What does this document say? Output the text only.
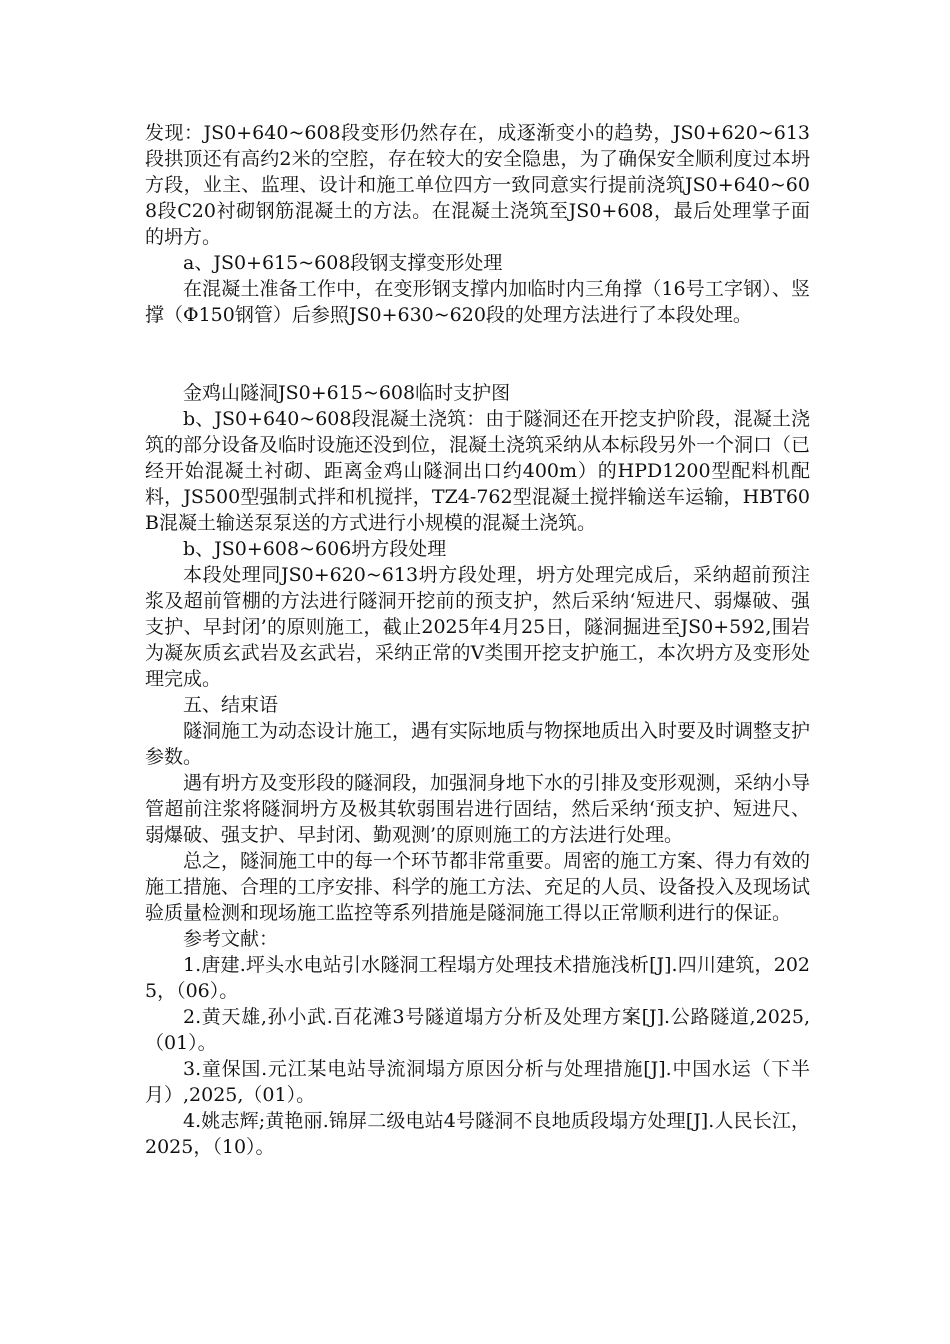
发现：JS0+640~608段变形仍然存在，成逐渐变小的趋势，JS0+620~613段拱顶还有高约2米的空腔，存在较大的安全隐患，为了确保安全顺利度过本坍方段，业主、监理、设计和施工单位四方一致同意实行提前浇筑JS0+640~608段C20衬砌钢筋混凝土的方法。在混凝土浇筑至JS0+608，最后处理掌子面的坍方。

a、JS0+615~608段钢支撑变形处理

在混凝土准备工作中，在变形钢支撑内加临时内三角撑（16号工字钢）、竖撑（Φ150钢管）后参照JS0+630~620段的处理方法进行了本段处理。

金鸡山隧洞JS0+615~608临时支护图

b、JS0+640~608段混凝土浇筑：由于隧洞还在开挖支护阶段，混凝土浇筑的部分设备及临时设施还没到位，混凝土浇筑采纳从本标段另外一个洞口（已经开始混凝土衬砌、距离金鸡山隧洞出口约400m）的HPD1200型配料机配料，JS500型强制式拌和机搅拌，TZ4-762型混凝土搅拌输送车运输，HBT60B混凝土输送泵泵送的方式进行小规模的混凝土浇筑。

b、JS0+608~606坍方段处理

本段处理同JS0+620~613坍方段处理，坍方处理完成后，采纳超前预注浆及超前管棚的方法进行隧洞开挖前的预支护，然后采纳‘短进尺、弱爆破、强支护、早封闭’的原则施工，截止2025年4月25日，隧洞掘进至JS0+592,围岩为凝灰质玄武岩及玄武岩，采纳正常的Ⅴ类围开挖支护施工，本次坍方及变形处理完成。

五、结束语

隧洞施工为动态设计施工，遇有实际地质与物探地质出入时要及时调整支护参数。

遇有坍方及变形段的隧洞段，加强洞身地下水的引排及变形观测，采纳小导管超前注浆将隧洞坍方及极其软弱围岩进行固结，然后采纳‘预支护、短进尺、弱爆破、强支护、早封闭、勤观测’的原则施工的方法进行处理。

总之，隧洞施工中的每一个环节都非常重要。周密的施工方案、得力有效的施工措施、合理的工序安排、科学的施工方法、充足的人员、设备投入及现场试验质量检测和现场施工监控等系列措施是隧洞施工得以正常顺利进行的保证。

参考文献：

1.唐建.坪头水电站引水隧洞工程塌方处理技术措施浅析[J].四川建筑，2025，（06）。

2.黄天雄,孙小武.百花滩3号隧道塌方分析及处理方案[J].公路隧道,2025,（01）。

3.童保国.元江某电站导流洞塌方原因分析与处理措施[J].中国水运（下半月）,2025,（01）。

4.姚志辉;黄艳丽.锦屏二级电站4号隧洞不良地质段塌方处理[J].人民长江，2025，（10）。
